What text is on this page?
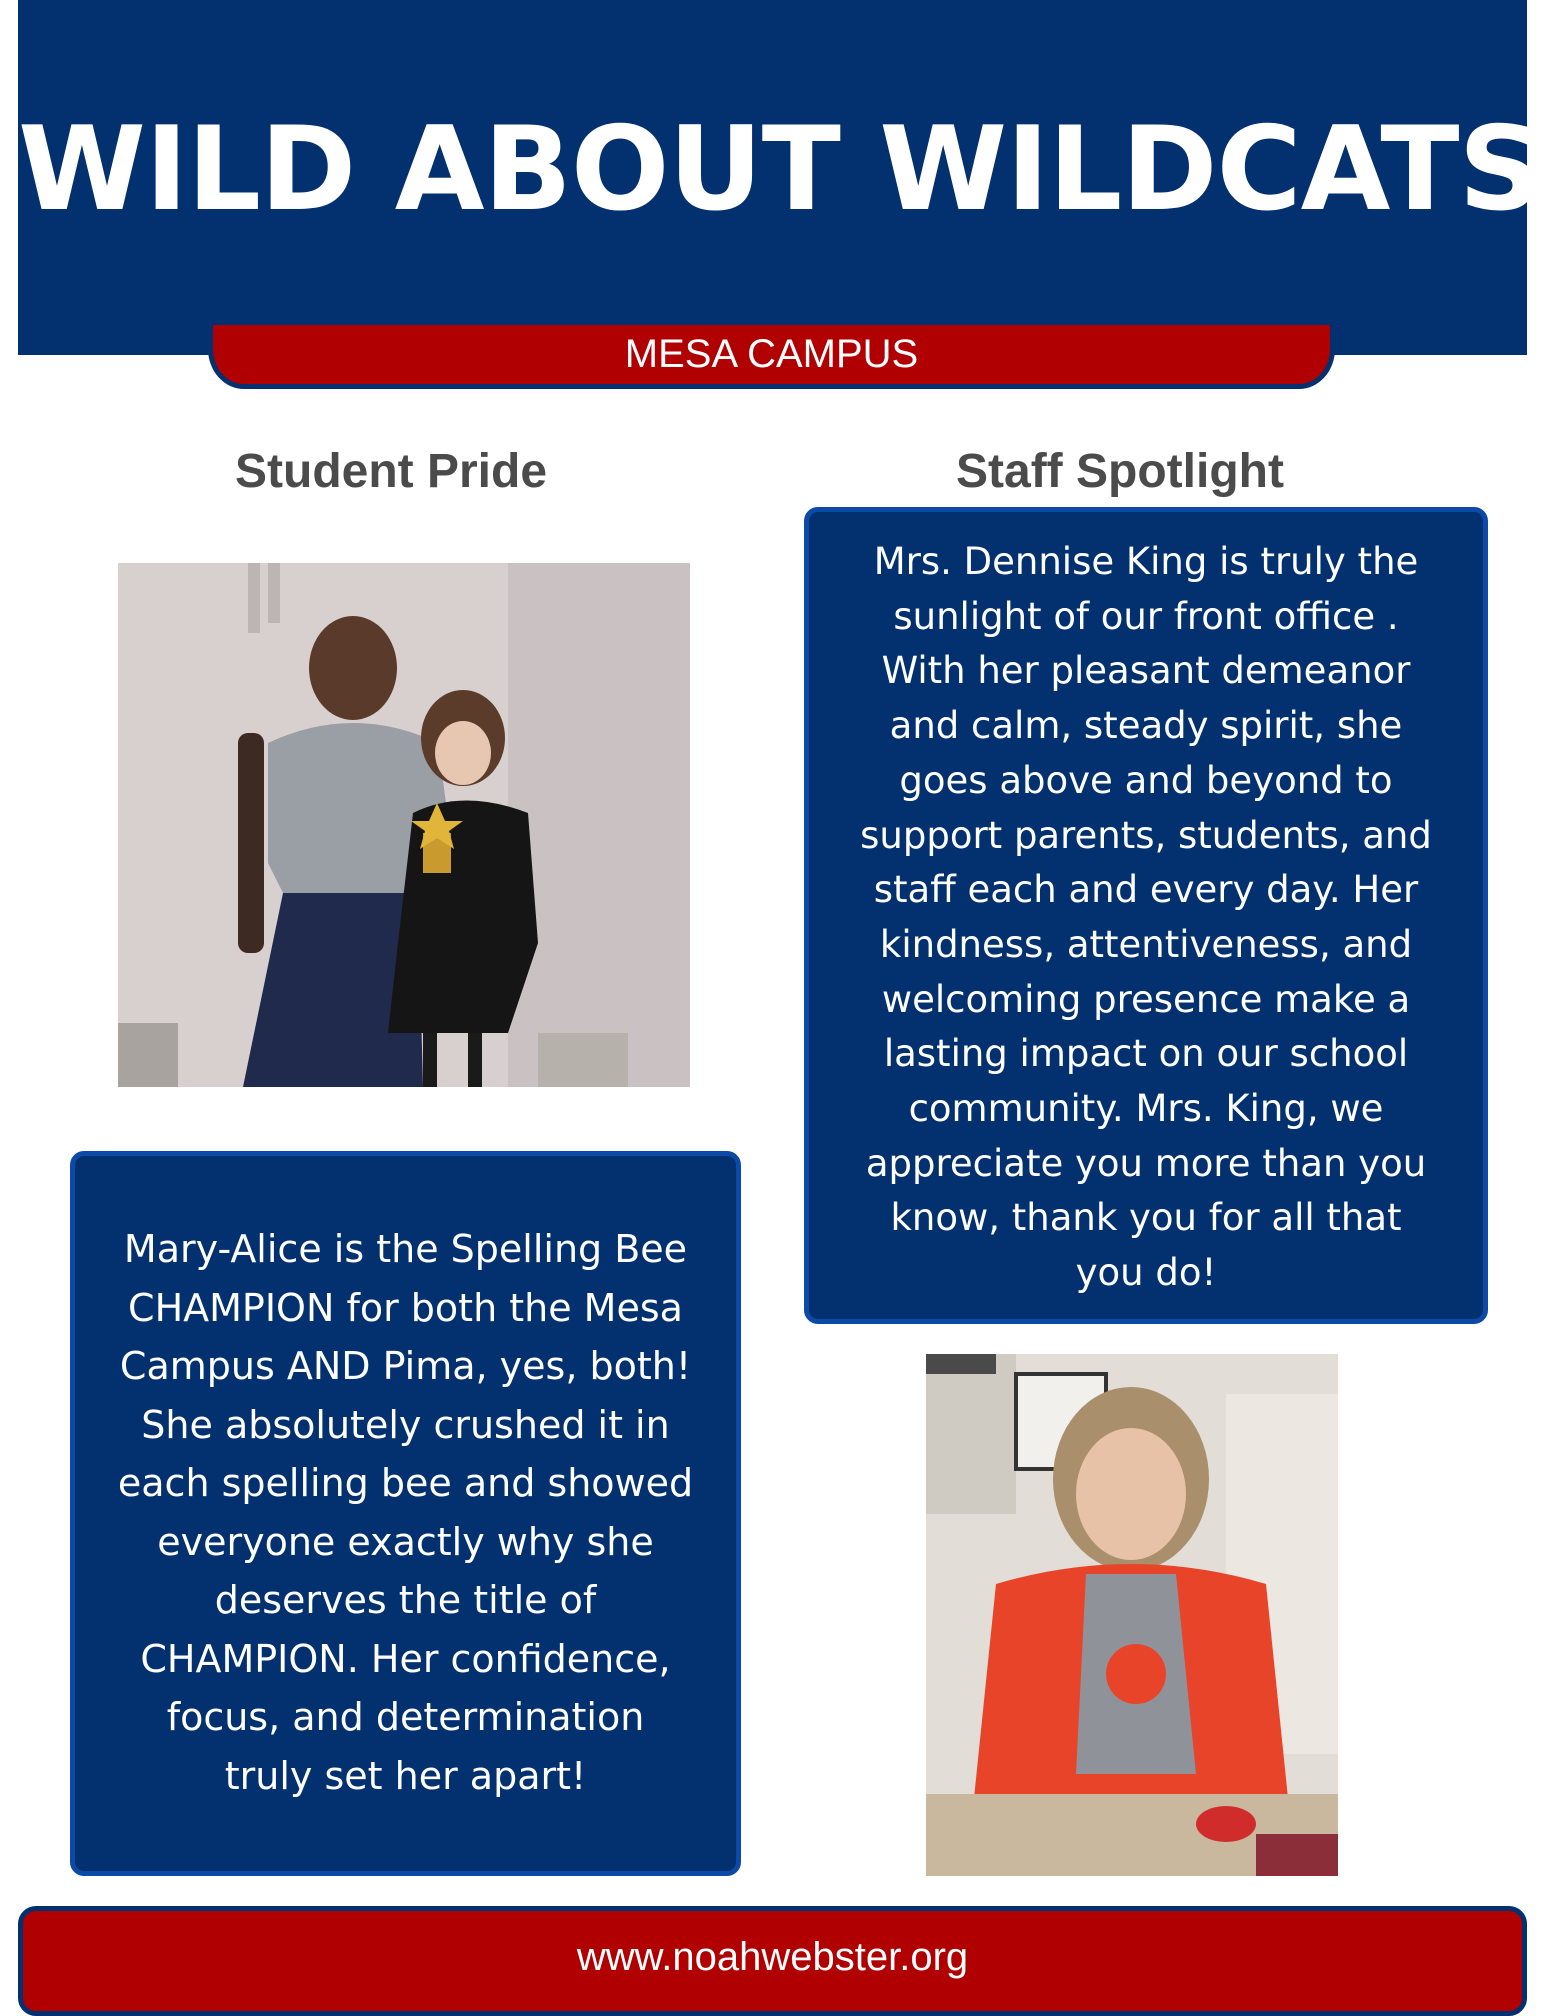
WILD ABOUT WILDCATS
MESA CAMPUS
Student Pride
Mary-Alice is the Spelling Bee
CHAMPION for both the Mesa
Campus AND Pima, yes, both!
She absolutely crushed it in
each spelling bee and showed
everyone exactly why she
deserves the title of
CHAMPION. Her confidence,
focus, and determination
truly set her apart!
Staff Spotlight
Mrs. Dennise King is truly the
sunlight of our front office .
With her pleasant demeanor
and calm, steady spirit, she
goes above and beyond to
support parents, students, and
staff each and every day. Her
kindness, attentiveness, and
welcoming presence make a
lasting impact on our school
community. Mrs. King, we
appreciate you more than you
know, thank you for all that
you do!
www.noahwebster.org
